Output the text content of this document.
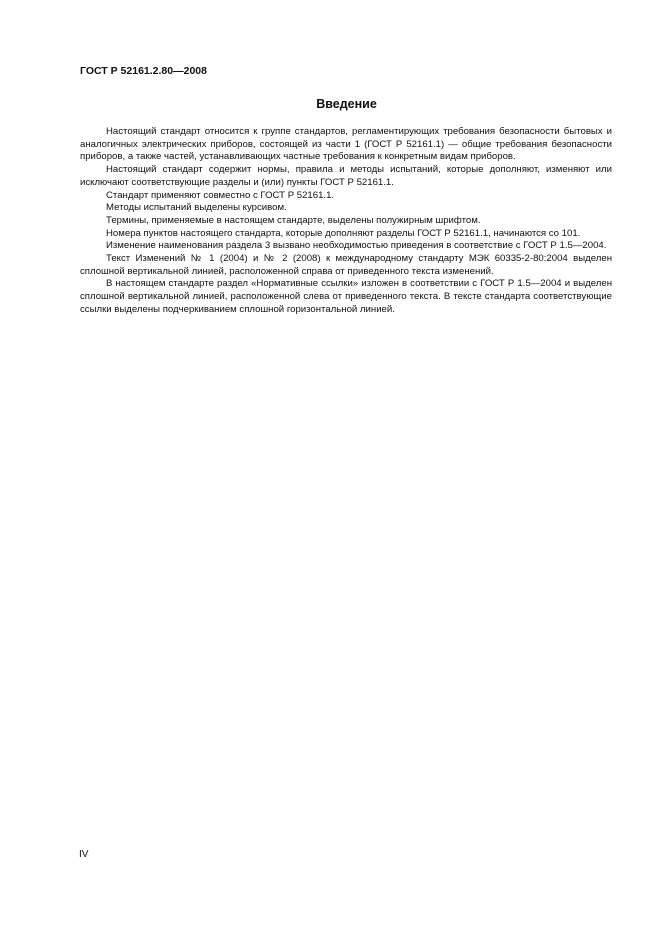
ГОСТ Р 52161.2.80—2008
Введение

Настоящий стандарт относится к группе стандартов, регламентирующих требования безопасности бытовых и аналогичных электрических приборов, состоящей из части 1 (ГОСТ Р 52161.1) — общие требования безопасности приборов, а также частей, устанавливающих частные требования к конкретным видам приборов.

Настоящий стандарт содержит нормы, правила и методы испытаний, которые дополняют, изменяют или исключают соответствующие разделы и (или) пункты ГОСТ Р 52161.1.

Стандарт применяют совместно с ГОСТ Р 52161.1.

Методы испытаний выделены курсивом.

Термины, применяемые в настоящем стандарте, выделены полужирным шрифтом.

Номера пунктов настоящего стандарта, которые дополняют разделы ГОСТ Р 52161.1, начинаются со 101.

Изменение наименования раздела 3 вызвано необходимостью приведения в соответствие с ГОСТ Р 1.5—2004.

Текст Изменений № 1 (2004) и № 2 (2008) к международному стандарту МЭК 60335-2-80:2004 выделен сплошной вертикальной линией, расположенной справа от приведенного текста изменений.

В настоящем стандарте раздел «Нормативные ссылки» изложен в соответствии с ГОСТ Р 1.5—2004 и выделен сплошной вертикальной линией, расположенной слева от приведенного текста. В тексте стандарта соответствующие ссылки выделены подчеркиванием сплошной горизонтальной линией.

IV
